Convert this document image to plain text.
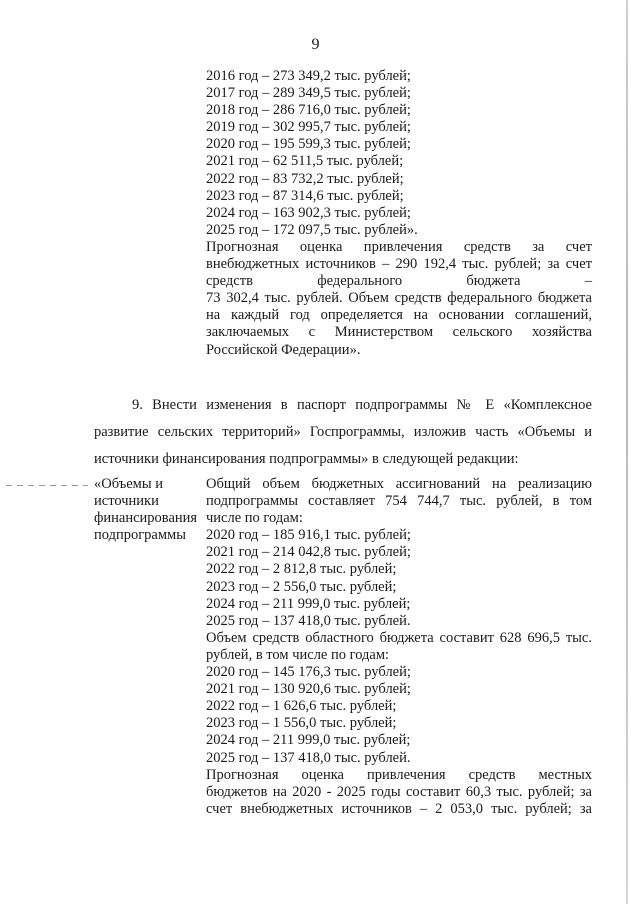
9
2016 год – 273 349,2 тыс. рублей;
2017 год – 289 349,5 тыс. рублей;
2018 год – 286 716,0 тыс. рублей;
2019 год – 302 995,7 тыс. рублей;
2020 год – 195 599,3 тыс. рублей;
2021 год – 62 511,5 тыс. рублей;
2022 год – 83 732,2 тыс. рублей;
2023 год – 87 314,6 тыс. рублей;
2024 год – 163 902,3 тыс. рублей;
2025 год – 172 097,5 тыс. рублей».
Прогнозная оценка привлечения средств за счет
внебюджетных источников – 290 192,4 тыс. рублей; за счет
средств федерального бюджета –
73 302,4 тыс. рублей. Объем средств федерального бюджета
на каждый год определяется на основании соглашений,
заключаемых с Министерством сельского хозяйства
Российской Федерации».
9. Внести изменения в паспорт подпрограммы № Е «Комплексное
развитие сельских территорий» Госпрограммы, изложив часть «Объемы и
источники финансирования подпрограммы» в следующей редакции:
«Объемы и
источники
финансирования
подпрограммы
Общий объем бюджетных ассигнований на реализацию
подпрограммы составляет 754 744,7 тыс. рублей, в том
числе по годам:
2020 год – 185 916,1 тыс. рублей;
2021 год – 214 042,8 тыс. рублей;
2022 год – 2 812,8 тыс. рублей;
2023 год – 2 556,0 тыс. рублей;
2024 год – 211 999,0 тыс. рублей;
2025 год – 137 418,0 тыс. рублей.
Объем средств областного бюджета составит 628 696,5 тыс.
рублей, в том числе по годам:
2020 год – 145 176,3 тыс. рублей;
2021 год – 130 920,6 тыс. рублей;
2022 год – 1 626,6 тыс. рублей;
2023 год – 1 556,0 тыс. рублей;
2024 год – 211 999,0 тыс. рублей;
2025 год – 137 418,0 тыс. рублей.
Прогнозная оценка привлечения средств местных
бюджетов на 2020 - 2025 годы составит 60,3 тыс. рублей; за
счет внебюджетных источников – 2 053,0 тыс. рублей; за
